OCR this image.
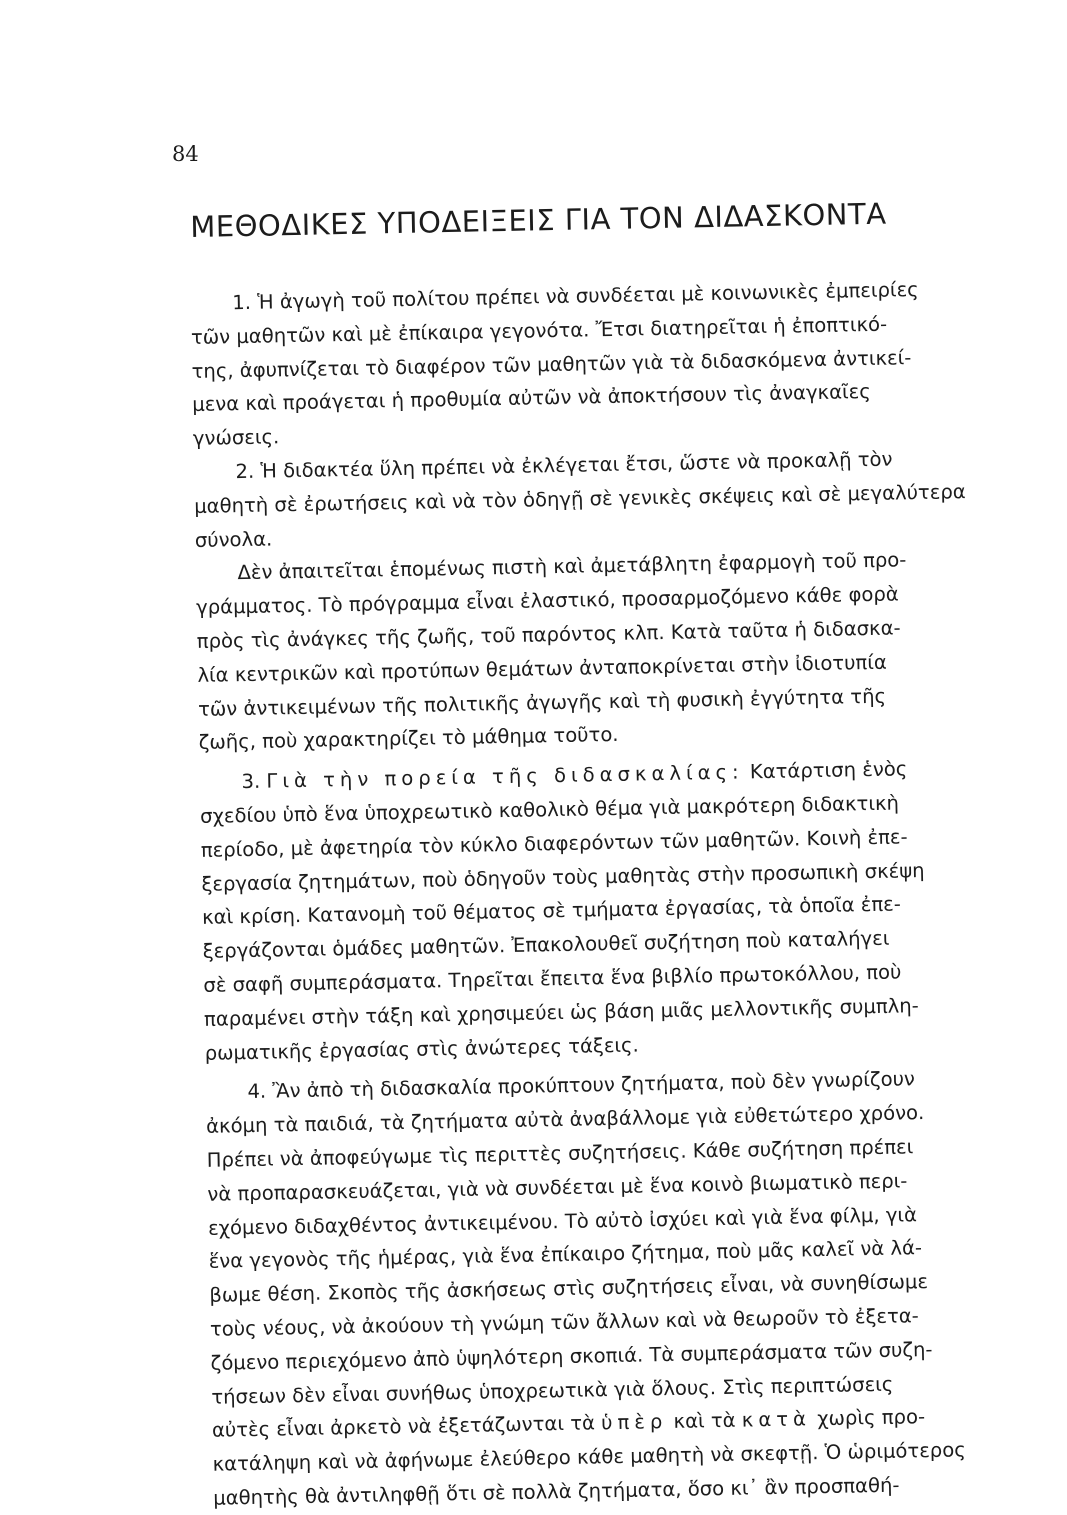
84
ΜΕΘΟΔΙΚΕΣ ΥΠΟΔΕΙΞΕΙΣ ΓΙΑ ΤΟΝ ΔΙΔΑΣΚΟΝΤΑ
1. Ἡ ἀγωγὴ τοῦ πολίτου πρέπει νὰ συνδέεται μὲ κοινωνικὲς ἐμπειρίες
τῶν μαθητῶν καὶ μὲ ἐπίκαιρα γεγονότα. Ἔτσι διατηρεῖται ἡ ἐποπτικό-
της, ἀφυπνίζεται τὸ διαφέρον τῶν μαθητῶν γιὰ τὰ διδασκόμενα ἀντικεί-
μενα καὶ προάγεται ἡ προθυμία αὐτῶν νὰ ἀποκτήσουν τὶς ἀναγκαῖες
γνώσεις.
2. Ἡ διδακτέα ὕλη πρέπει νὰ ἐκλέγεται ἔτσι, ὥστε νὰ προκαλῇ τὸν
μαθητὴ σὲ ἐρωτήσεις καὶ νὰ τὸν ὁδηγῇ σὲ γενικὲς σκέψεις καὶ σὲ μεγαλύτερα
σύνολα.
Δὲν ἀπαιτεῖται ἑπομένως πιστὴ καὶ ἀμετάβλητη ἐφαρμογὴ τοῦ προ-
γράμματος. Τὸ πρόγραμμα εἶναι ἐλαστικό, προσαρμοζόμενο κάθε φορὰ
πρὸς τὶς ἀνάγκες τῆς ζωῆς, τοῦ παρόντος κλπ. Κατὰ ταῦτα ἡ διδασκα-
λία κεντρικῶν καὶ προτύπων θεμάτων ἀνταποκρίνεται στὴν ἰδιοτυπία
τῶν ἀντικειμένων τῆς πολιτικῆς ἀγωγῆς καὶ τὴ φυσικὴ ἐγγύτητα τῆς
ζωῆς, ποὺ χαρακτηρίζει τὸ μάθημα τοῦτο.
3. Γιὰ τὴν πορεία τῆς διδασκαλίας: Κατάρτιση ἑνὸς
σχεδίου ὑπὸ ἕνα ὑποχρεωτικὸ καθολικὸ θέμα γιὰ μακρότερη διδακτικὴ
περίοδο, μὲ ἀφετηρία τὸν κύκλο διαφερόντων τῶν μαθητῶν. Κοινὴ ἐπε-
ξεργασία ζητημάτων, ποὺ ὁδηγοῦν τοὺς μαθητὰς στὴν προσωπικὴ σκέψη
καὶ κρίση. Κατανομὴ τοῦ θέματος σὲ τμήματα ἐργασίας, τὰ ὁποῖα ἐπε-
ξεργάζονται ὁμάδες μαθητῶν. Ἐπακολουθεῖ συζήτηση ποὺ καταλήγει
σὲ σαφῆ συμπεράσματα. Τηρεῖται ἔπειτα ἕνα βιβλίο πρωτοκόλλου, ποὺ
παραμένει στὴν τάξη καὶ χρησιμεύει ὡς βάση μιᾶς μελλοντικῆς συμπλη-
ρωματικῆς ἐργασίας στὶς ἀνώτερες τάξεις.
4. Ἂν ἀπὸ τὴ διδασκαλία προκύπτουν ζητήματα, ποὺ δὲν γνωρίζουν
ἀκόμη τὰ παιδιά, τὰ ζητήματα αὐτὰ ἀναβάλλομε γιὰ εὐθετώτερο χρόνο.
Πρέπει νὰ ἀποφεύγωμε τὶς περιττὲς συζητήσεις. Κάθε συζήτηση πρέπει
νὰ προπαρασκευάζεται, γιὰ νὰ συνδέεται μὲ ἕνα κοινὸ βιωματικὸ περι-
εχόμενο διδαχθέντος ἀντικειμένου. Τὸ αὐτὸ ἰσχύει καὶ γιὰ ἕνα φίλμ, γιὰ
ἕνα γεγονὸς τῆς ἡμέρας, γιὰ ἕνα ἐπίκαιρο ζήτημα, ποὺ μᾶς καλεῖ νὰ λά-
βωμε θέση. Σκοπὸς τῆς ἀσκήσεως στὶς συζητήσεις εἶναι, νὰ συνηθίσωμε
τοὺς νέους, νὰ ἀκούουν τὴ γνώμη τῶν ἄλλων καὶ νὰ θεωροῦν τὸ ἐξετα-
ζόμενο περιεχόμενο ἀπὸ ὑψηλότερη σκοπιά. Τὰ συμπεράσματα τῶν συζη-
τήσεων δὲν εἶναι συνήθως ὑποχρεωτικὰ γιὰ ὅλους. Στὶς περιπτώσεις
αὐτὲς εἶναι ἀρκετὸ νὰ ἐξετάζωνται τὰ ὑπὲρ καὶ τὰ κατὰ χωρὶς προ-
κατάληψη καὶ νὰ ἀφήνωμε ἐλεύθερο κάθε μαθητὴ νὰ σκεφτῇ. Ὁ ὡριμότερος
μαθητὴς θὰ ἀντιληφθῇ ὅτι σὲ πολλὰ ζητήματα, ὅσο κι᾿ ἂν προσπαθή-
